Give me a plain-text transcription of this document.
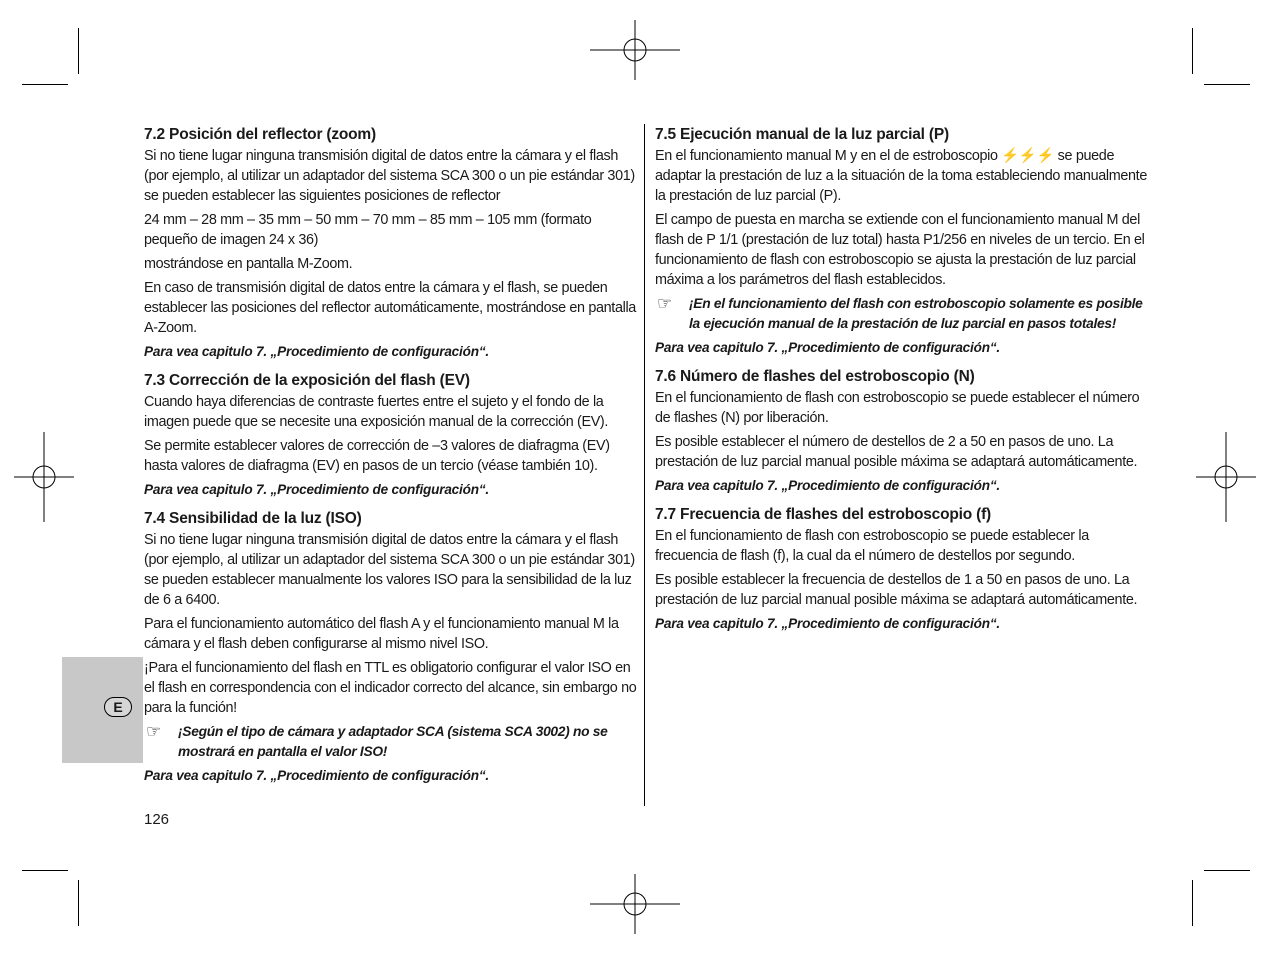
E
7.2 Posición del reflector (zoom)

Si no tiene lugar ninguna transmisión digital de datos entre la cámara y el flash (por ejemplo, al utilizar un adaptador del sistema SCA 300 o un pie estándar 301) se pueden establecer las siguientes posiciones de reflector

24 mm – 28 mm – 35 mm – 50 mm – 70 mm – 85 mm – 105 mm (formato pequeño de imagen 24 x 36)

mostrándose en pantalla M-Zoom.

En caso de transmisión digital de datos entre la cámara y el flash, se pueden establecer las posiciones del reflector automáticamente, mostrándose en pantalla A-Zoom.

Para vea capitulo 7. „Procedimiento de configuración“.

7.3 Corrección de la exposición del flash (EV)

Cuando haya diferencias de contraste fuertes entre el sujeto y el fondo de la imagen puede que se necesite una exposición manual de la corrección (EV).

Se permite establecer valores de corrección de –3 valores de diafragma (EV) hasta valores de diafragma (EV) en pasos de un tercio (véase también 10).

Para vea capitulo 7. „Procedimiento de configuración“.

7.4 Sensibilidad de la luz (ISO)

Si no tiene lugar ninguna transmisión digital de datos entre la cámara y el flash (por ejemplo, al utilizar un adaptador del sistema SCA 300 o un pie estándar 301) se pueden establecer manualmente los valores ISO para la sensibilidad de la luz de 6 a 6400.

Para el funcionamiento automático del flash A y el funcionamiento manual M la cámara y el flash deben configurarse al mismo nivel ISO.

¡Para el funcionamiento del flash en TTL es obligatorio configurar el valor ISO en el flash en correspondencia con el indicador correcto del alcance, sin embargo no para la función!

☞	¡Según el tipo de cámara y adaptador SCA (sistema SCA 3002) no se mostrará en pantalla el valor ISO!

Para vea capitulo 7. „Procedimiento de configuración“.

7.5 Ejecución manual de la luz parcial (P)

En el funcionamiento manual M y en el de estroboscopio ⚡⚡⚡ se puede adaptar la prestación de luz a la situación de la toma estableciendo manualmente la prestación de luz parcial (P).

El campo de puesta en marcha se extiende con el funcionamiento manual M del flash de P 1/1 (prestación de luz total) hasta P1/256 en niveles de un tercio. En el funcionamiento de flash con estroboscopio se ajusta la prestación de luz parcial máxima a los parámetros del flash establecidos.

☞	¡En el funcionamiento del flash con estroboscopio solamente es posible la ejecución manual de la prestación de luz parcial en pasos totales!

Para vea capitulo 7. „Procedimiento de configuración“.

7.6 Número de flashes del estroboscopio (N)

En el funcionamiento de flash con estroboscopio se puede establecer el número de flashes (N) por liberación.

Es posible establecer el número de destellos de 2 a 50 en pasos de uno. La prestación de luz parcial manual posible máxima se adaptará automáticamente.

Para vea capitulo 7. „Procedimiento de configuración“.

7.7 Frecuencia de flashes del estroboscopio (f)

En el funcionamiento de flash con estroboscopio se puede establecer la frecuencia de flash (f), la cual da el número de destellos por segundo.

Es posible establecer la frecuencia de destellos de 1 a 50 en pasos de uno. La prestación de luz parcial manual posible máxima se adaptará automáticamente.

Para vea capitulo 7. „Procedimiento de configuración“.

126
